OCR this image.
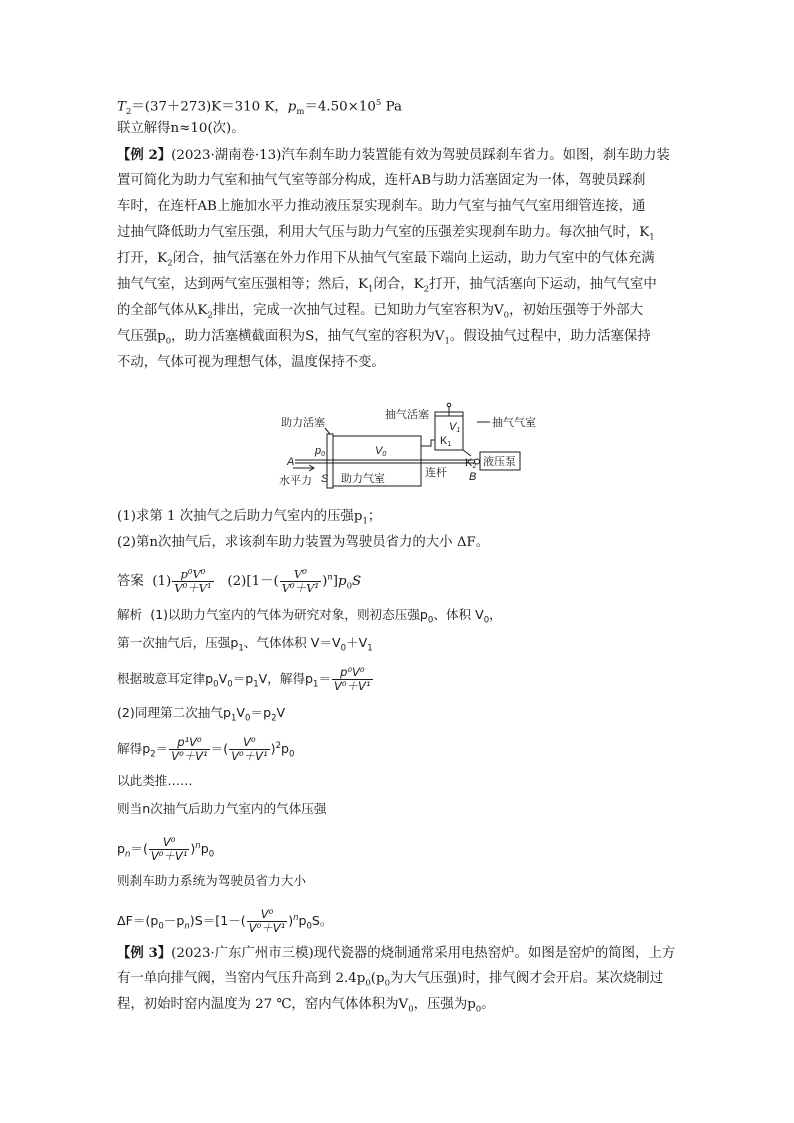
$T_2=(37+273)K=310$ K，$p_m=4.50\times 10^5$ Pa
联立解得n≈10(次)。
【例 2】(2023·湖南卷·13)汽车刹车助力装置能有效为驾驶员踩刹车省力。如图，刹车助力装
置可简化为助力气室和抽气气室等部分构成，连杆AB与助力活塞固定为一体，驾驶员踩刹
车时，在连杆AB上施加水平力推动液压泵实现刹车。助力气室与抽气气室用细管连接，通
过抽气降低助力气室压强，利用大气压与助力气室的压强差实现刹车助力。每次抽气时，$K_1$
打开，$K_2$闭合，抽气活塞在外力作用下从抽气气室最下端向上运动，助力气室中的气体充满
抽气气室，达到两气室压强相等；然后，$K_1$闭合，$K_2$打开，抽气活塞向下运动，抽气气室中
的全部气体从$K_2$排出，完成一次抽气过程。已知助力气室容积为$V_0$，初始压强等于外部大
气压强$p_0$，助力活塞横截面积为S，抽气气室的容积为$V_1$。假设抽气过程中，助力活塞保持
不动，气体可视为理想气体，温度保持不变。
抽气活塞
助力活塞	抽气气室
V1
K1
K2
p0	V0
A
B
S
水平力	助力气室	连杆
液压泵
(1)求第 1 次抽气之后助力气室内的压强$p_1$；
(2)第n次抽气后，求该刹车助力装置为驾驶员省力的大小 ΔF。
答案 $(1) \frac{\text{p⁰V⁰}}{\text{V⁰＋V¹}} (2)[1-( \frac{\text{V⁰}}{\text{V⁰＋V¹}} )^n]p_0S$
解析 (1)以助力气室内的气体为研究对象，则初态压强$p_0$、体积 $V_0$，
第一次抽气后，压强$p_1$、气体体积 $V=V_0+V_1$
根据玻意耳定律$p_0V_0=p_1V$，解得$p_1= \frac{\text{p⁰V⁰}}{\text{V⁰＋V¹}}$
(2)同理第二次抽气$p_1V_0=p_2V$
解得$p_2= \frac{\text{p¹V⁰}}{\text{V⁰＋V¹}}$ ＝( $\frac{\text{V⁰}}{\text{V⁰＋V¹}} )^2p_0$
以此类推……
则当n次抽气后助力气室内的气体压强
$p_n=( \frac{\text{V⁰}}{\text{V⁰＋V¹}} )^np_0$
则刹车助力系统为驾驶员省力大小
$\Delta F=(p_0-p_n)S=[1-( \frac{\text{V⁰}}{\text{V⁰＋V¹}} )^np_0S$。
【例 3】(2023·广东广州市三模)现代瓷器的烧制通常采用电热窑炉。如图是窑炉的简图，上方
有一单向排气阀，当窑内气压升高到 $2.4p_0(p_0$为大气压强)时，排气阀才会开启。某次烧制过
程，初始时窑内温度为 27 ℃，窑内气体体积为$V_0$，压强为$p_0$。
